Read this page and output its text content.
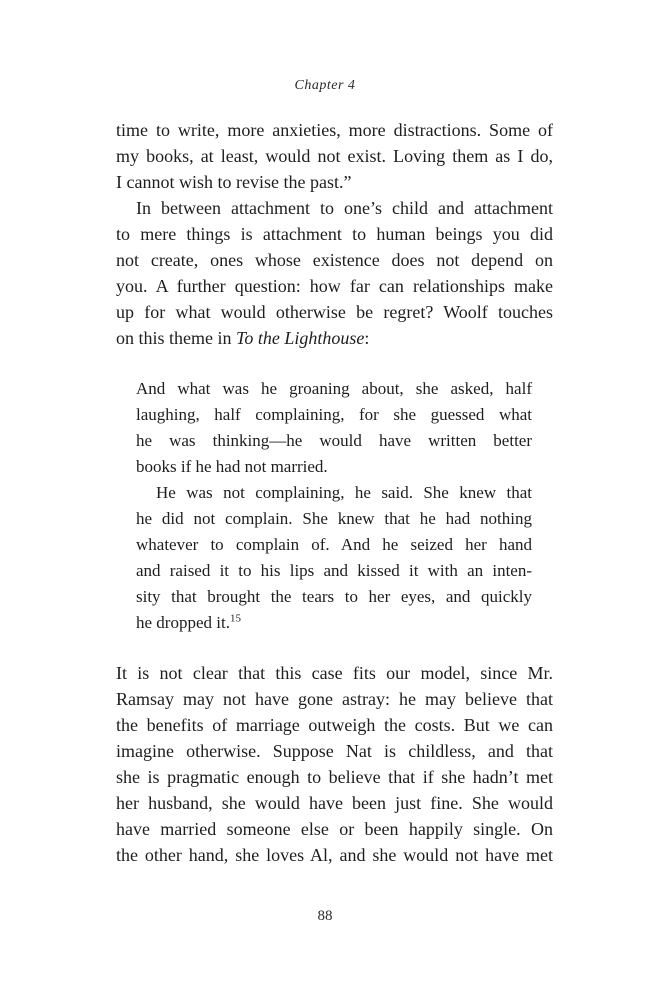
Chapter 4
time to write, more anxieties, more distractions. Some of
my books, at least, would not exist. Loving them as I do,
I cannot wish to revise the past.”
In between attachment to one’s child and attachment
to mere things is attachment to human beings you did
not create, ones whose existence does not depend on
you. A further question: how far can relationships make
up for what would otherwise be regret? Woolf touches
on this theme in To the Lighthouse:
And what was he groaning about, she asked, half
laughing, half complaining, for she guessed what
he was thinking—he would have written better
books if he had not married.
He was not complaining, he said. She knew that
he did not complain. She knew that he had nothing
whatever to complain of. And he seized her hand
and raised it to his lips and kissed it with an inten-
sity that brought the tears to her eyes, and quickly
he dropped it.$^{15}$
It is not clear that this case fits our model, since Mr.
Ramsay may not have gone astray: he may believe that
the benefits of marriage outweigh the costs. But we can
imagine otherwise. Suppose Nat is childless, and that
she is pragmatic enough to believe that if she hadn’t met
her husband, she would have been just fine. She would
have married someone else or been happily single. On
the other hand, she loves Al, and she would not have met
88
